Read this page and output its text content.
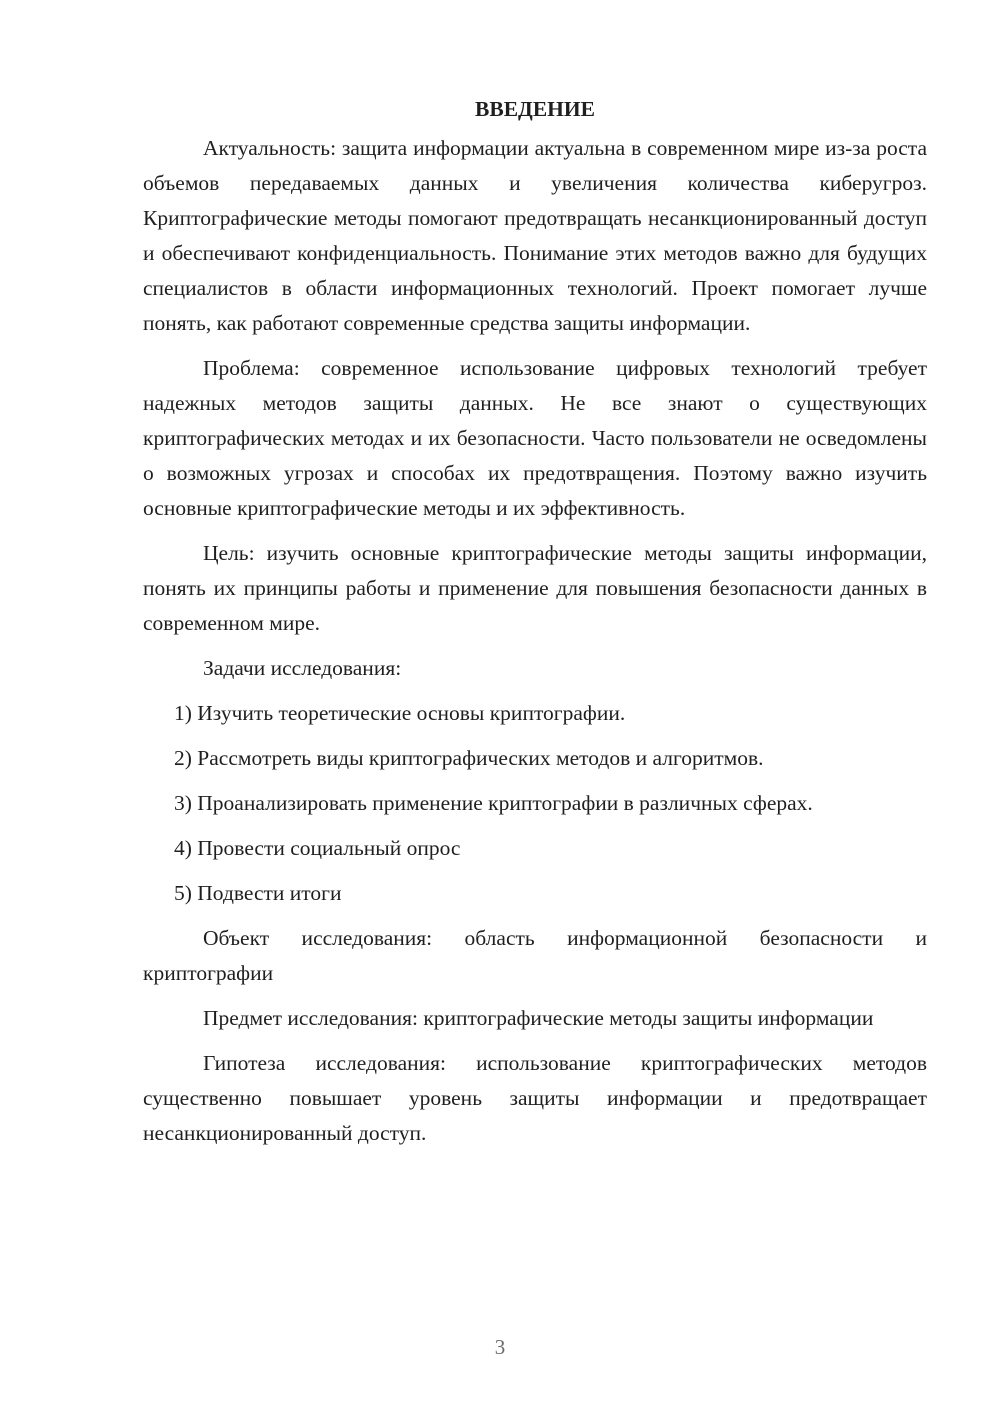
ВВЕДЕНИЕ

Актуальность: защита информации актуальна в современном мире из-за роста объемов передаваемых данных и увеличения количества киберугроз. Криптографические методы помогают предотвращать несанкционированный доступ и обеспечивают конфиденциальность. Понимание этих методов важно для будущих специалистов в области информационных технологий. Проект помогает лучше понять, как работают современные средства защиты информации.

Проблема: современное использование цифровых технологий требует надежных методов защиты данных. Не все знают о существующих криптографических методах и их безопасности. Часто пользователи не осведомлены о возможных угрозах и способах их предотвращения. Поэтому важно изучить основные криптографические методы и их эффективность.

Цель: изучить основные криптографические методы защиты информации, понять их принципы работы и применение для повышения безопасности данных в современном мире.

Задачи исследования:
1) Изучить теоретические основы криптографии.
2) Рассмотреть виды криптографических методов и алгоритмов.
3) Проанализировать применение криптографии в различных сферах.
4) Провести социальный опрос
5) Подвести итоги

Объект исследования: область информационной безопасности и криптографии

Предмет исследования: криптографические методы защиты информации

Гипотеза исследования: использование криптографических методов существенно повышает уровень защиты информации и предотвращает несанкционированный доступ.

3
